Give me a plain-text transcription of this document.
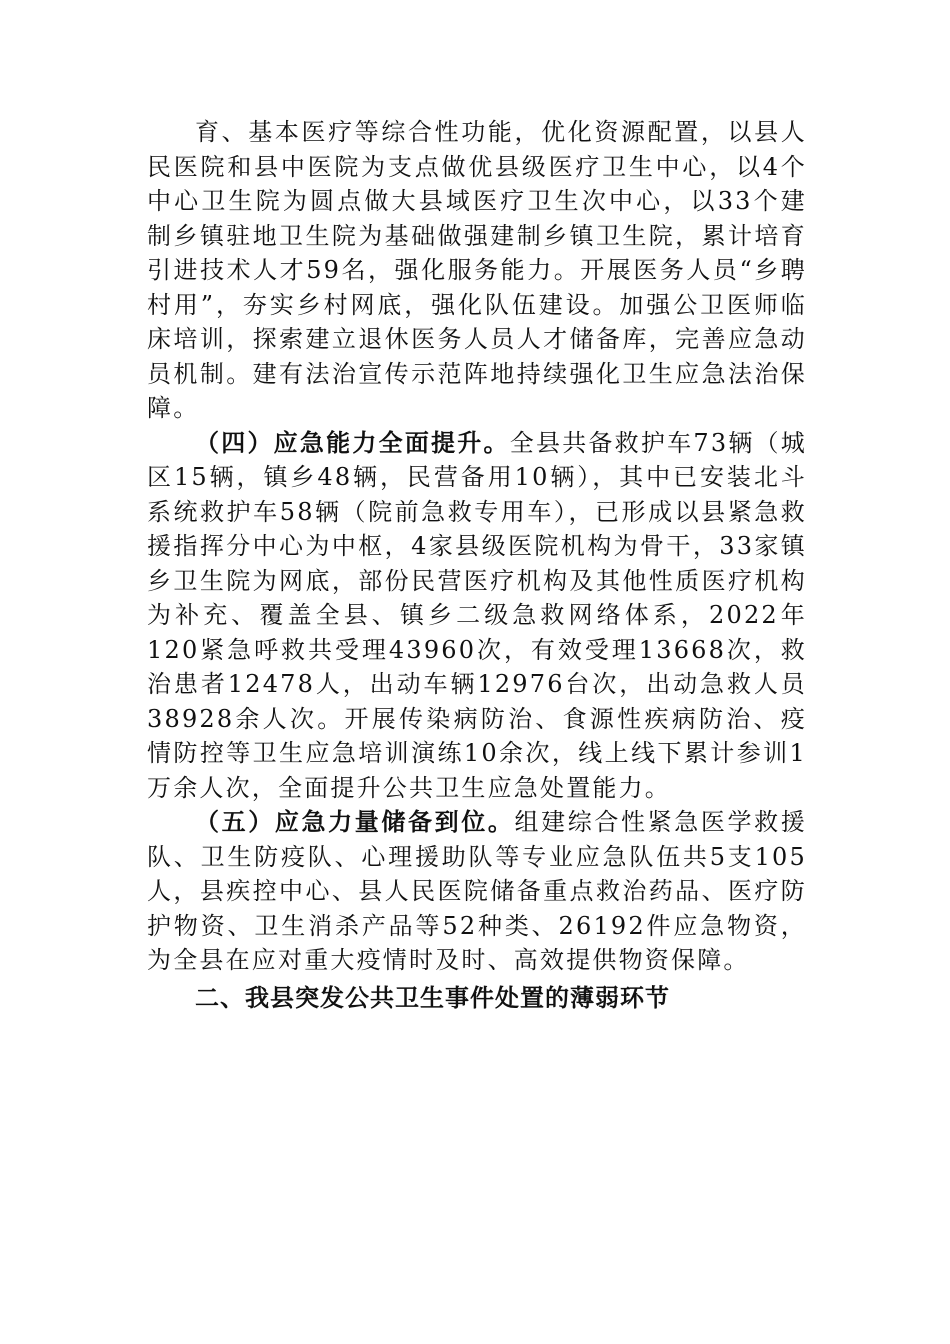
育、基本医疗等综合性功能，优化资源配置，以县人民医院和县中医院为支点做优县级医疗卫生中心，以4个中心卫生院为圆点做大县域医疗卫生次中心，以33个建制乡镇驻地卫生院为基础做强建制乡镇卫生院，累计培育引进技术人才59名，强化服务能力。开展医务人员“乡聘村用”，夯实乡村网底，强化队伍建设。加强公卫医师临床培训，探索建立退休医务人员人才储备库，完善应急动员机制。建有法治宣传示范阵地持续强化卫生应急法治保障。

（四）应急能力全面提升。全县共备救护车73辆（城区15辆，镇乡48辆，民营备用10辆），其中已安装北斗系统救护车58辆（院前急救专用车），已形成以县紧急救援指挥分中心为中枢，4家县级医院机构为骨干，33家镇乡卫生院为网底，部份民营医疗机构及其他性质医疗机构为补充、覆盖全县、镇乡二级急救网络体系，2022年120紧急呼救共受理43960次，有效受理13668次，救治患者12478人，出动车辆12976台次，出动急救人员38928余人次。开展传染病防治、食源性疾病防治、疫情防控等卫生应急培训演练10余次，线上线下累计参训1万余人次，全面提升公共卫生应急处置能力。

（五）应急力量储备到位。组建综合性紧急医学救援队、卫生防疫队、心理援助队等专业应急队伍共5支105人，县疾控中心、县人民医院储备重点救治药品、医疗防护物资、卫生消杀产品等52种类、26192件应急物资，为全县在应对重大疫情时及时、高效提供物资保障。

二、我县突发公共卫生事件处置的薄弱环节
